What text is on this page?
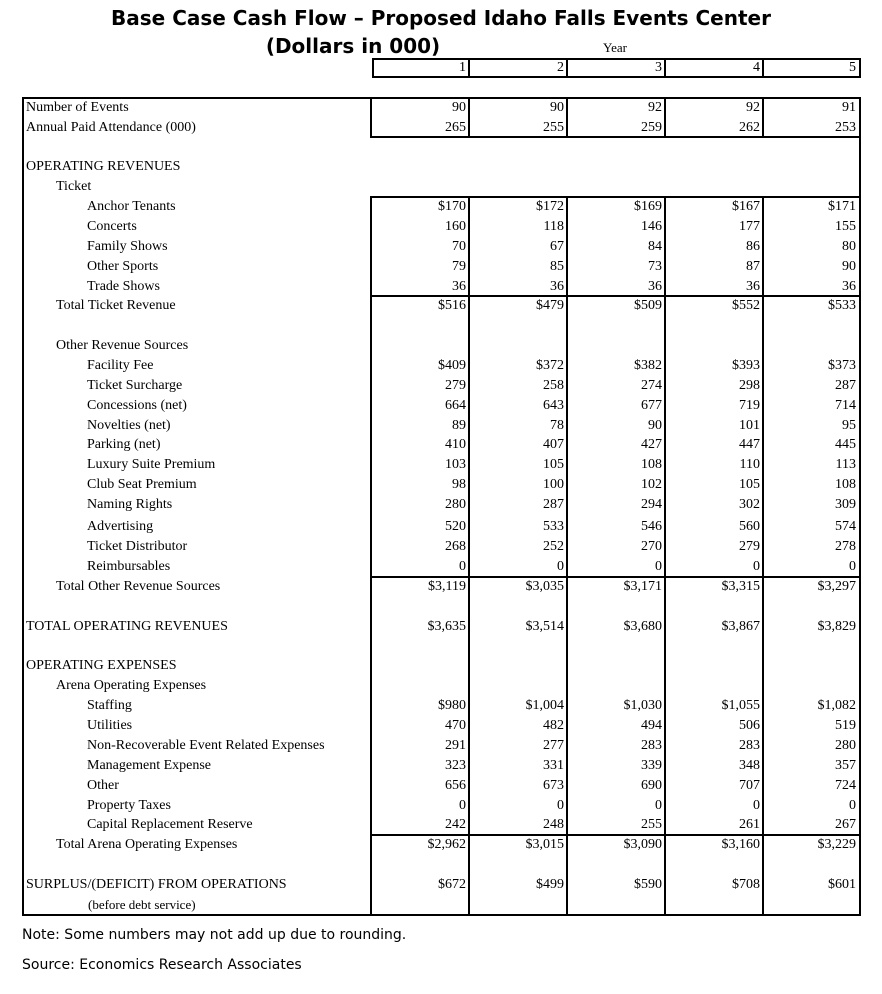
Base Case Cash Flow – Proposed Idaho Falls Events Center
(Dollars in 000)	Year
1	2	3	4	5
Number of Events	90	90	92	92	91
Annual Paid Attendance (000)	265	255	259	262	253
OPERATING REVENUES
Ticket
Anchor Tenants	$170	$172	$169	$167	$171
Concerts	160	118	146	177	155
Family Shows	70	67	84	86	80
Other Sports	79	85	73	87	90
Trade Shows	36	36	36	36	36
Total Ticket Revenue	$516	$479	$509	$552	$533
Other Revenue Sources
Facility Fee	$409	$372	$382	$393	$373
Ticket Surcharge	279	258	274	298	287
Concessions (net)	664	643	677	719	714
Novelties (net)	89	78	90	101	95
Parking (net)	410	407	427	447	445
Luxury Suite Premium	103	105	108	110	113
Club Seat Premium	98	100	102	105	108
Naming Rights	280	287	294	302	309
Advertising	520	533	546	560	574
Ticket Distributor	268	252	270	279	278
Reimbursables	0	0	0	0	0
Total Other Revenue Sources	$3,119	$3,035	$3,171	$3,315	$3,297
TOTAL OPERATING REVENUES	$3,635	$3,514	$3,680	$3,867	$3,829
OPERATING EXPENSES
Arena Operating Expenses
Staffing	$980	$1,004	$1,030	$1,055	$1,082
Utilities	470	482	494	506	519
Non-Recoverable Event Related Expenses	291	277	283	283	280
Management Expense	323	331	339	348	357
Other	656	673	690	707	724
Property Taxes	0	0	0	0	0
Capital Replacement Reserve	242	248	255	261	267
Total Arena Operating Expenses	$2,962	$3,015	$3,090	$3,160	$3,229
SURPLUS/(DEFICIT) FROM OPERATIONS	$672	$499	$590	$708	$601
(before debt service)
Note: Some numbers may not add up due to rounding.
Source: Economics Research Associates
